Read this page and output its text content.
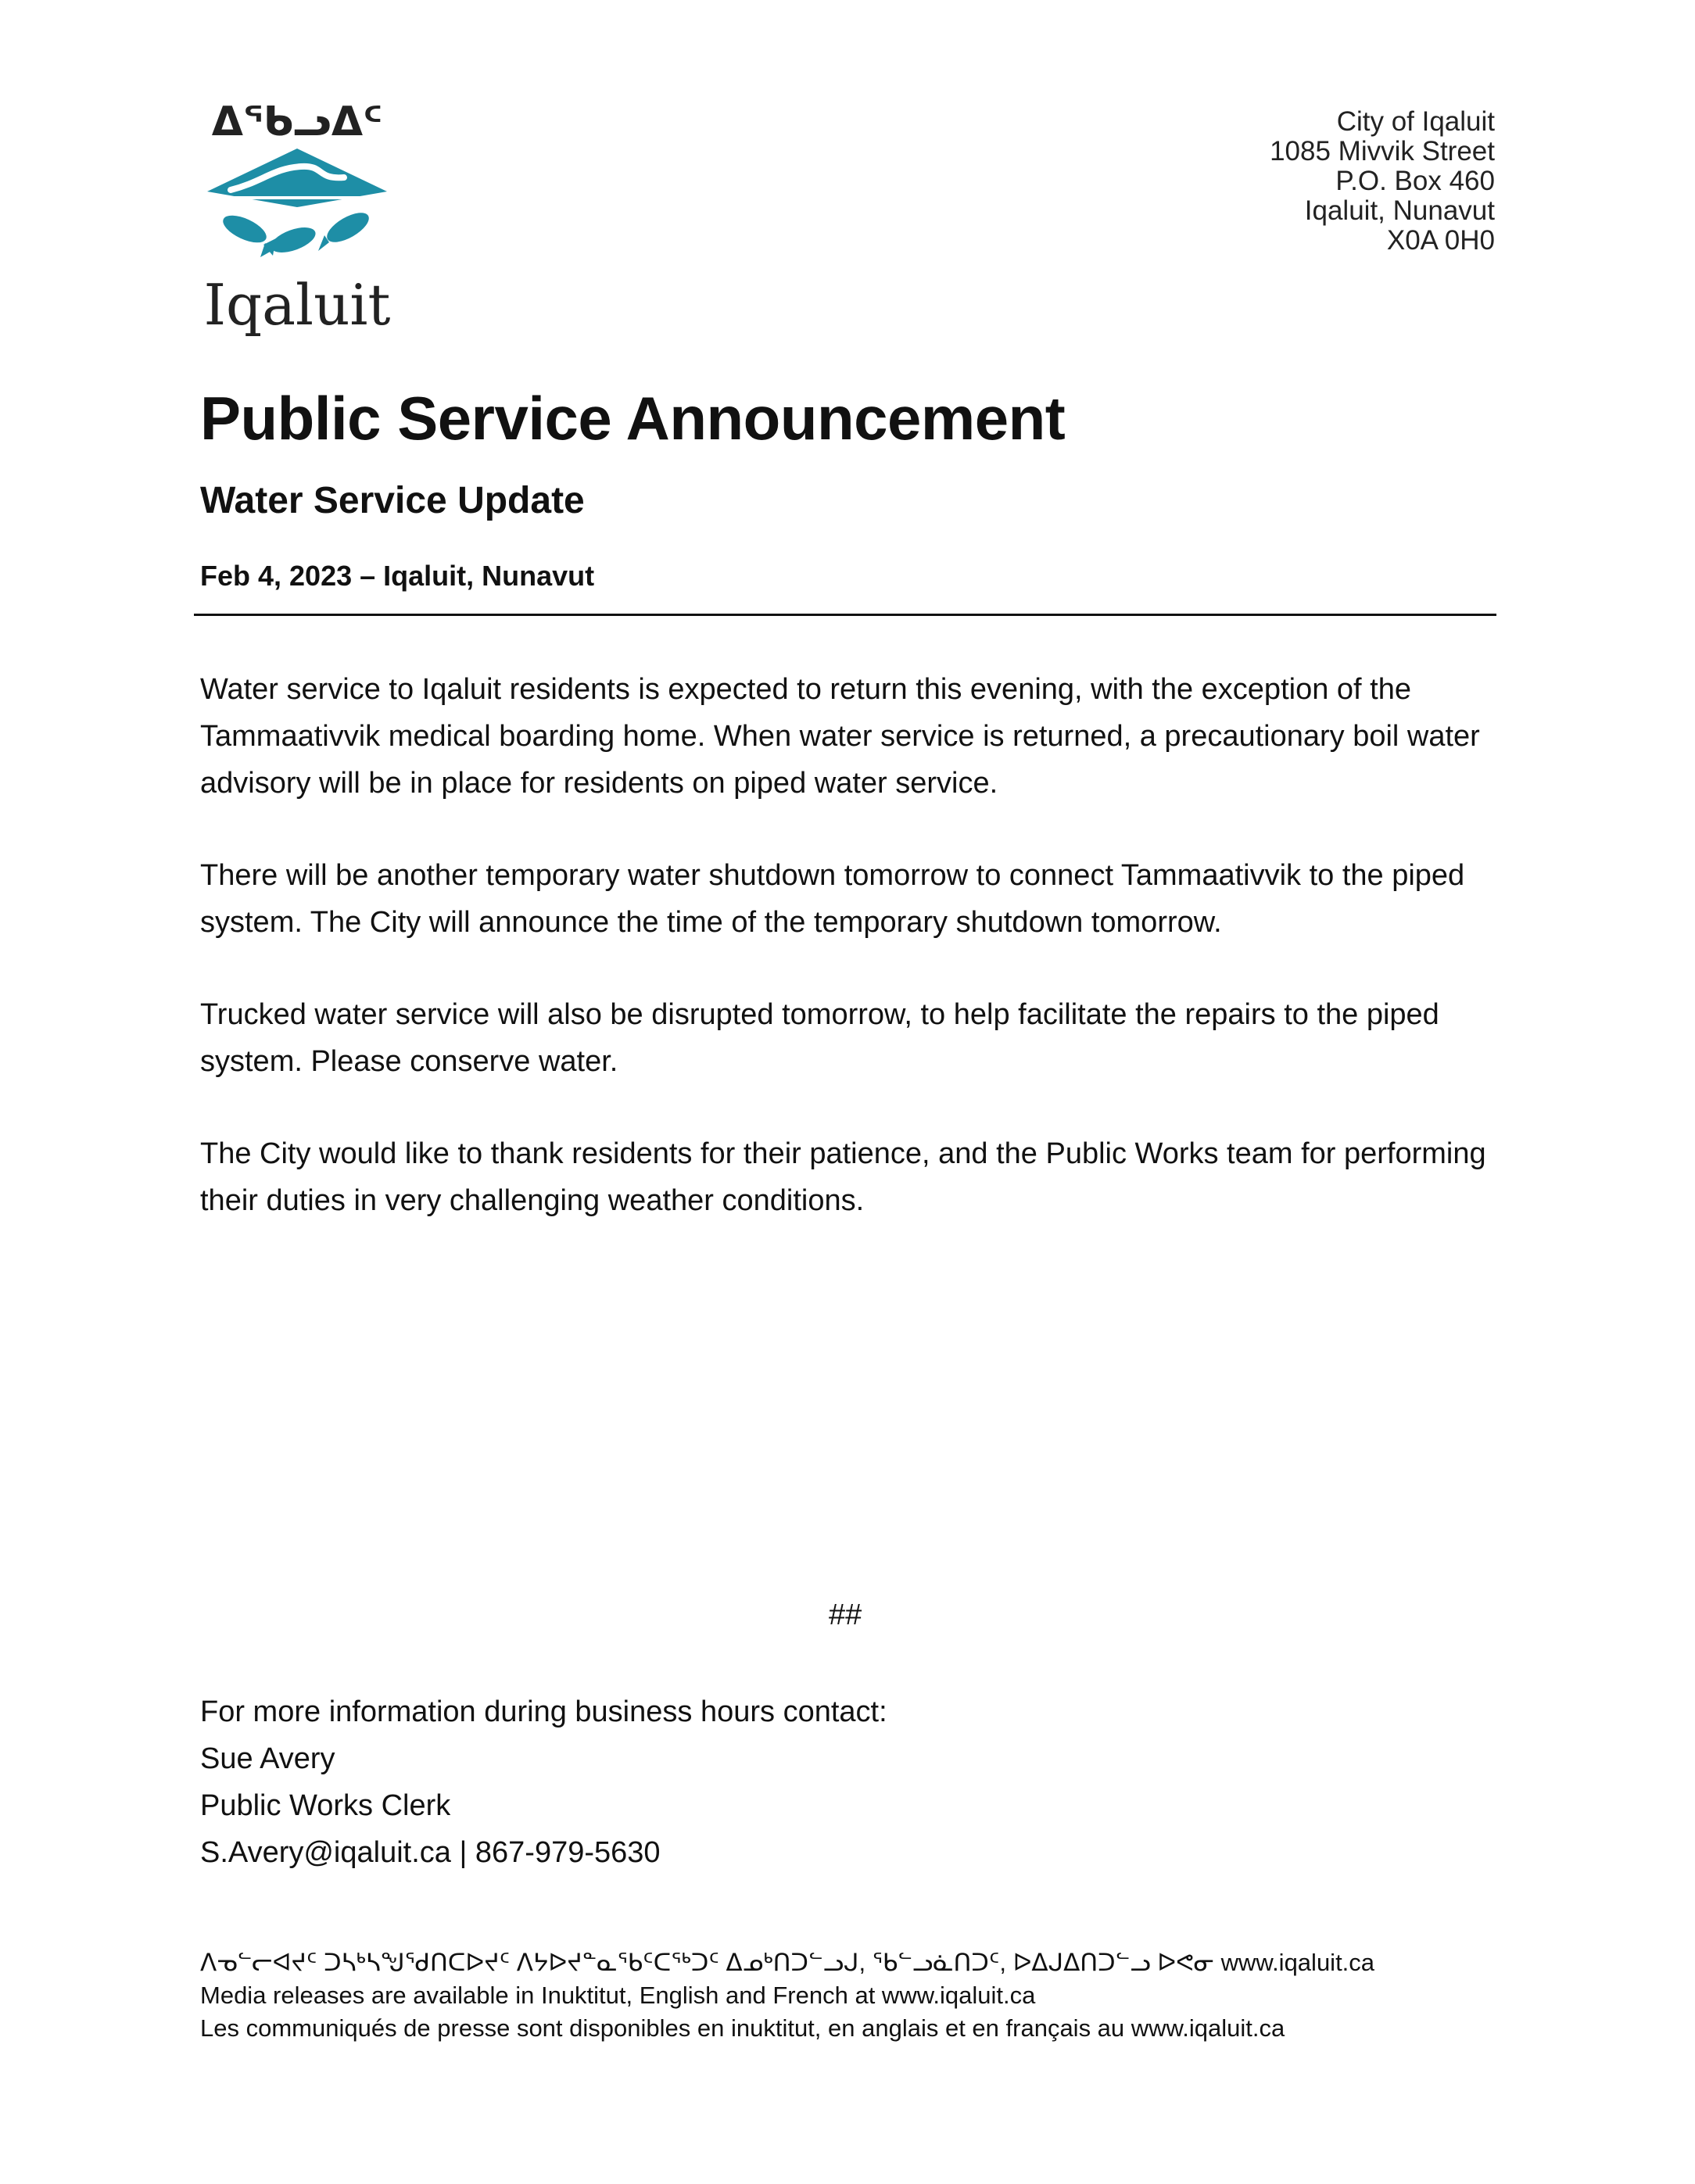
ᐃᖃᓗᐃᑦ
Iqaluit
City of Iqaluit
1085 Mivvik Street
P.O. Box 460
Iqaluit, Nunavut
X0A 0H0
Public Service Announcement
Water Service Update
Feb 4, 2023 – Iqaluit, Nunavut

Water service to Iqaluit residents is expected to return this evening, with the exception of the Tammaativvik medical boarding home. When water service is returned, a precautionary boil water advisory will be in place for residents on piped water service.

There will be another temporary water shutdown tomorrow to connect Tammaativvik to the piped system. The City will announce the time of the temporary shutdown tomorrow.

Trucked water service will also be disrupted tomorrow, to help facilitate the repairs to the piped system. Please conserve water.

The City would like to thank residents for their patience, and the Public Works team for performing their duties in very challenging weather conditions.

##
For more information during business hours contact:
Sue Avery
Public Works Clerk
S.Avery@iqaluit.ca | 867-979-5630
ᐱᓀᓪᓕᐊᔪᑦ ᑐᓴᒃᓴᖑᖁᑎᑕᐅᔪᑦ ᐱᔭᐅᔪᓐᓇᖃᑦᑕᖅᑐᑦ ᐃᓄᒃᑎᑐᓪᓗᒍ, ᖃᓪᓗᓈᑎᑐᑦ, ᐅᐃᒍᐃᑎᑐᓪᓗ ᐅᕙᓂ www.iqaluit.ca
Media releases are available in Inuktitut, English and French at www.iqaluit.ca
Les communiqués de presse sont disponibles en inuktitut, en anglais et en français au www.iqaluit.ca
